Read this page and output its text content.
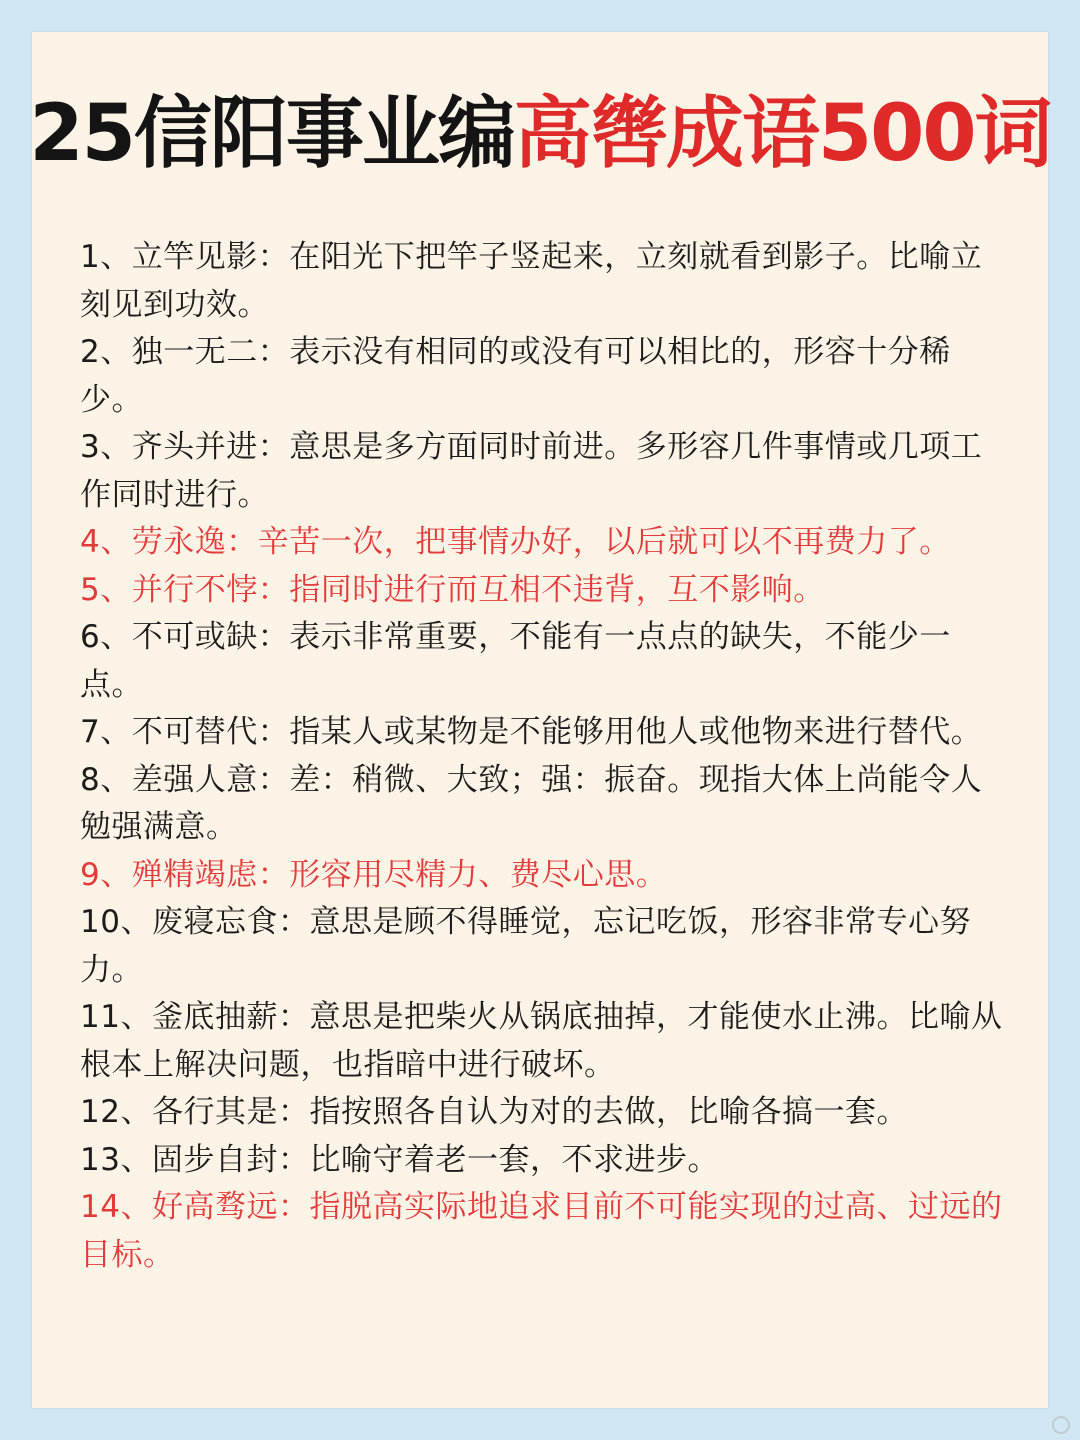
25信阳事业编高辔成语500词
1、立竿见影：在阳光下把竿子竖起来，立刻就看到影子。比喻立刻见到功效。
2、独一无二：表示没有相同的或没有可以相比的，形容十分稀少。
3、齐头并进：意思是多方面同时前进。多形容几件事情或几项工作同时进行。
4、劳永逸：辛苦一次，把事情办好，以后就可以不再费力了。
5、并行不悖：指同时进行而互相不违背，互不影响。
6、不可或缺：表示非常重要，不能有一点点的缺失，不能少一点。
7、不可替代：指某人或某物是不能够用他人或他物来进行替代。
8、差强人意：差：稍微、大致；强：振奋。现指大体上尚能令人勉强满意。
9、殚精竭虑：形容用尽精力、费尽心思。
10、废寝忘食：意思是顾不得睡觉，忘记吃饭，形容非常专心努力。
11、釜底抽薪：意思是把柴火从锅底抽掉，才能使水止沸。比喻从根本上解决问题，也指暗中进行破坏。
12、各行其是：指按照各自认为对的去做，比喻各搞一套。
13、固步自封：比喻守着老一套，不求进步。
14、好高骛远：指脱高实际地追求目前不可能实现的过高、过远的目标。
